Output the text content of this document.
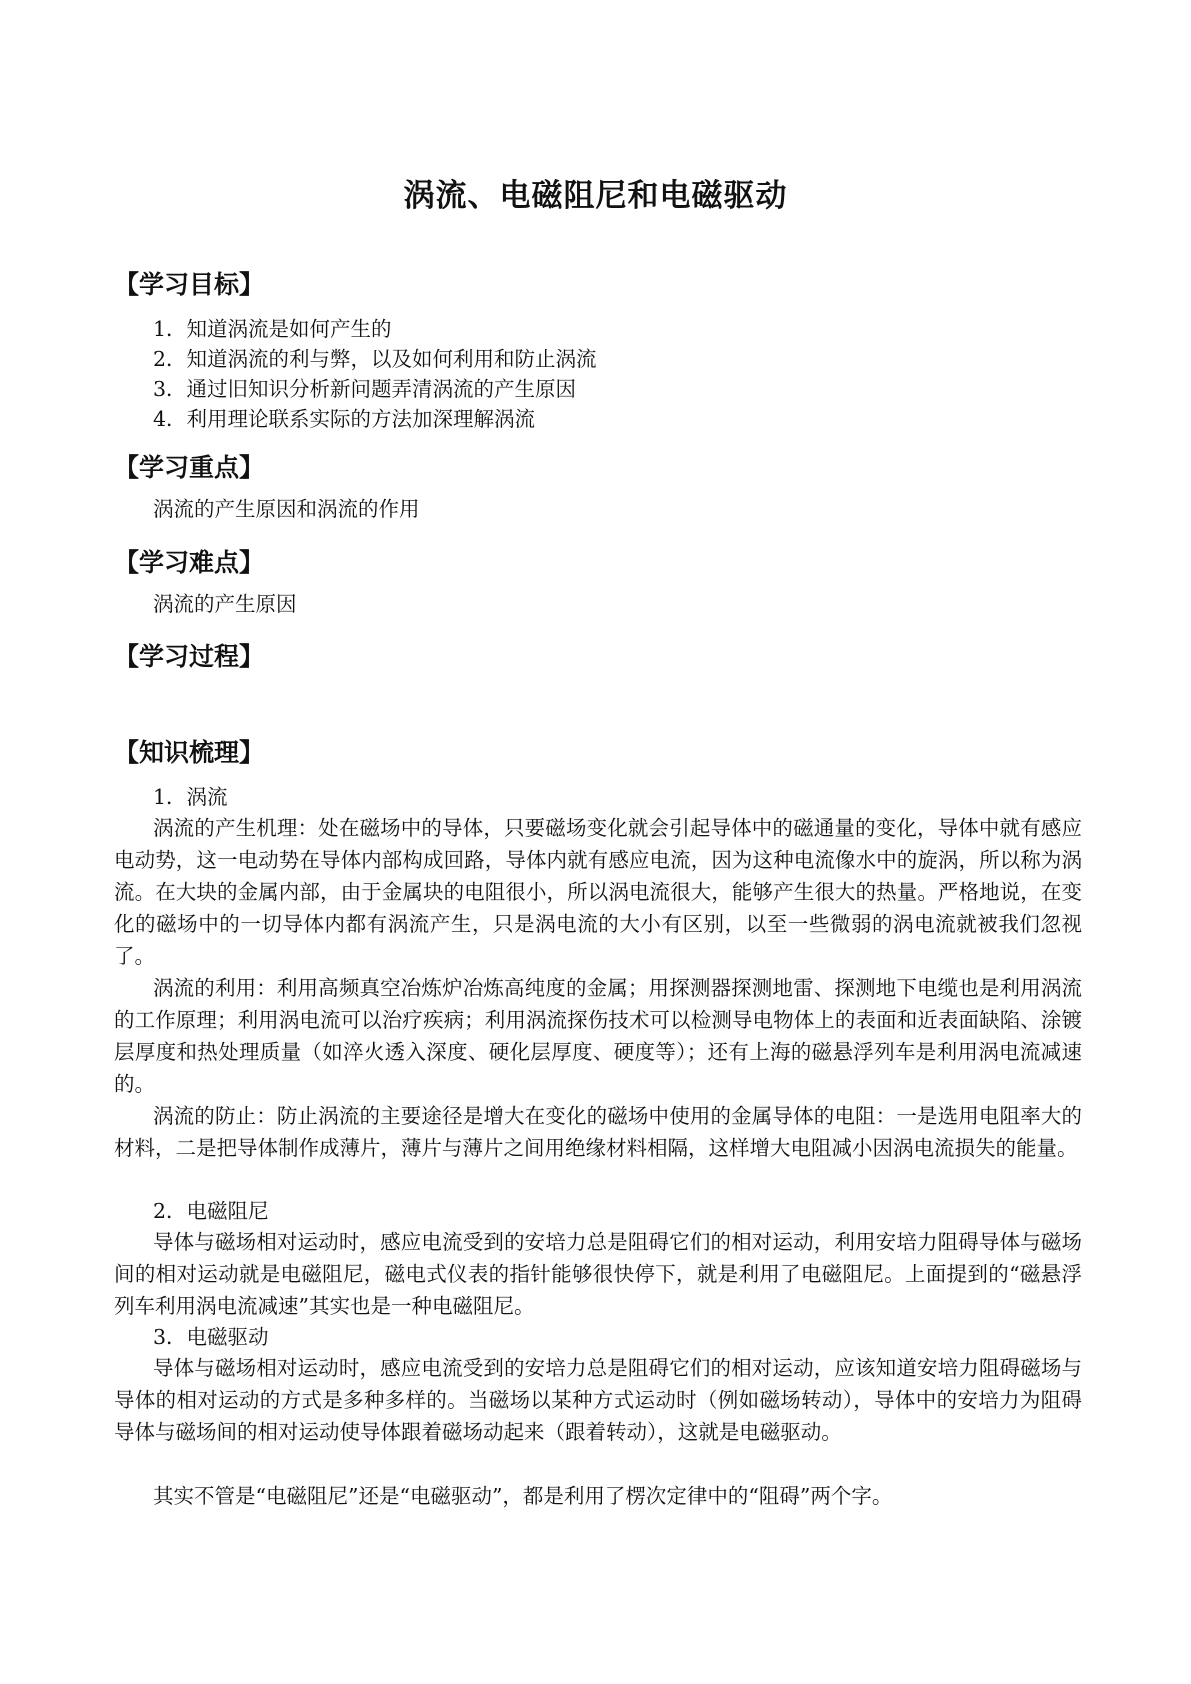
涡流、电磁阻尼和电磁驱动
【学习目标】

1．知道涡流是如何产生的

2．知道涡流的利与弊，以及如何利用和防止涡流

3．通过旧知识分析新问题弄清涡流的产生原因

4．利用理论联系实际的方法加深理解涡流

【学习重点】

涡流的产生原因和涡流的作用

【学习难点】

涡流的产生原因

【学习过程】
【知识梳理】

1．涡流

涡流的产生机理：处在磁场中的导体，只要磁场变化就会引起导体中的磁通量的变化，导体中就有感应电动势，这一电动势在导体内部构成回路，导体内就有感应电流，因为这种电流像水中的旋涡，所以称为涡流。在大块的金属内部，由于金属块的电阻很小，所以涡电流很大，能够产生很大的热量。严格地说，在变化的磁场中的一切导体内都有涡流产生，只是涡电流的大小有区别，以至一些微弱的涡电流就被我们忽视了。

涡流的利用：利用高频真空冶炼炉冶炼高纯度的金属；用探测器探测地雷、探测地下电缆也是利用涡流的工作原理；利用涡电流可以治疗疾病；利用涡流探伤技术可以检测导电物体上的表面和近表面缺陷、涂镀层厚度和热处理质量（如淬火透入深度、硬化层厚度、硬度等）；还有上海的磁悬浮列车是利用涡电流减速的。

涡流的防止：防止涡流的主要途径是增大在变化的磁场中使用的金属导体的电阻：一是选用电阻率大的材料，二是把导体制作成薄片，薄片与薄片之间用绝缘材料相隔，这样增大电阻减小因涡电流损失的能量。

2．电磁阻尼

导体与磁场相对运动时，感应电流受到的安培力总是阻碍它们的相对运动，利用安培力阻碍导体与磁场间的相对运动就是电磁阻尼，磁电式仪表的指针能够很快停下，就是利用了电磁阻尼。上面提到的“磁悬浮列车利用涡电流减速”其实也是一种电磁阻尼。

3．电磁驱动

导体与磁场相对运动时，感应电流受到的安培力总是阻碍它们的相对运动，应该知道安培力阻碍磁场与导体的相对运动的方式是多种多样的。当磁场以某种方式运动时（例如磁场转动），导体中的安培力为阻碍导体与磁场间的相对运动使导体跟着磁场动起来（跟着转动），这就是电磁驱动。

其实不管是“电磁阻尼”还是“电磁驱动”，都是利用了楞次定律中的“阻碍”两个字。
